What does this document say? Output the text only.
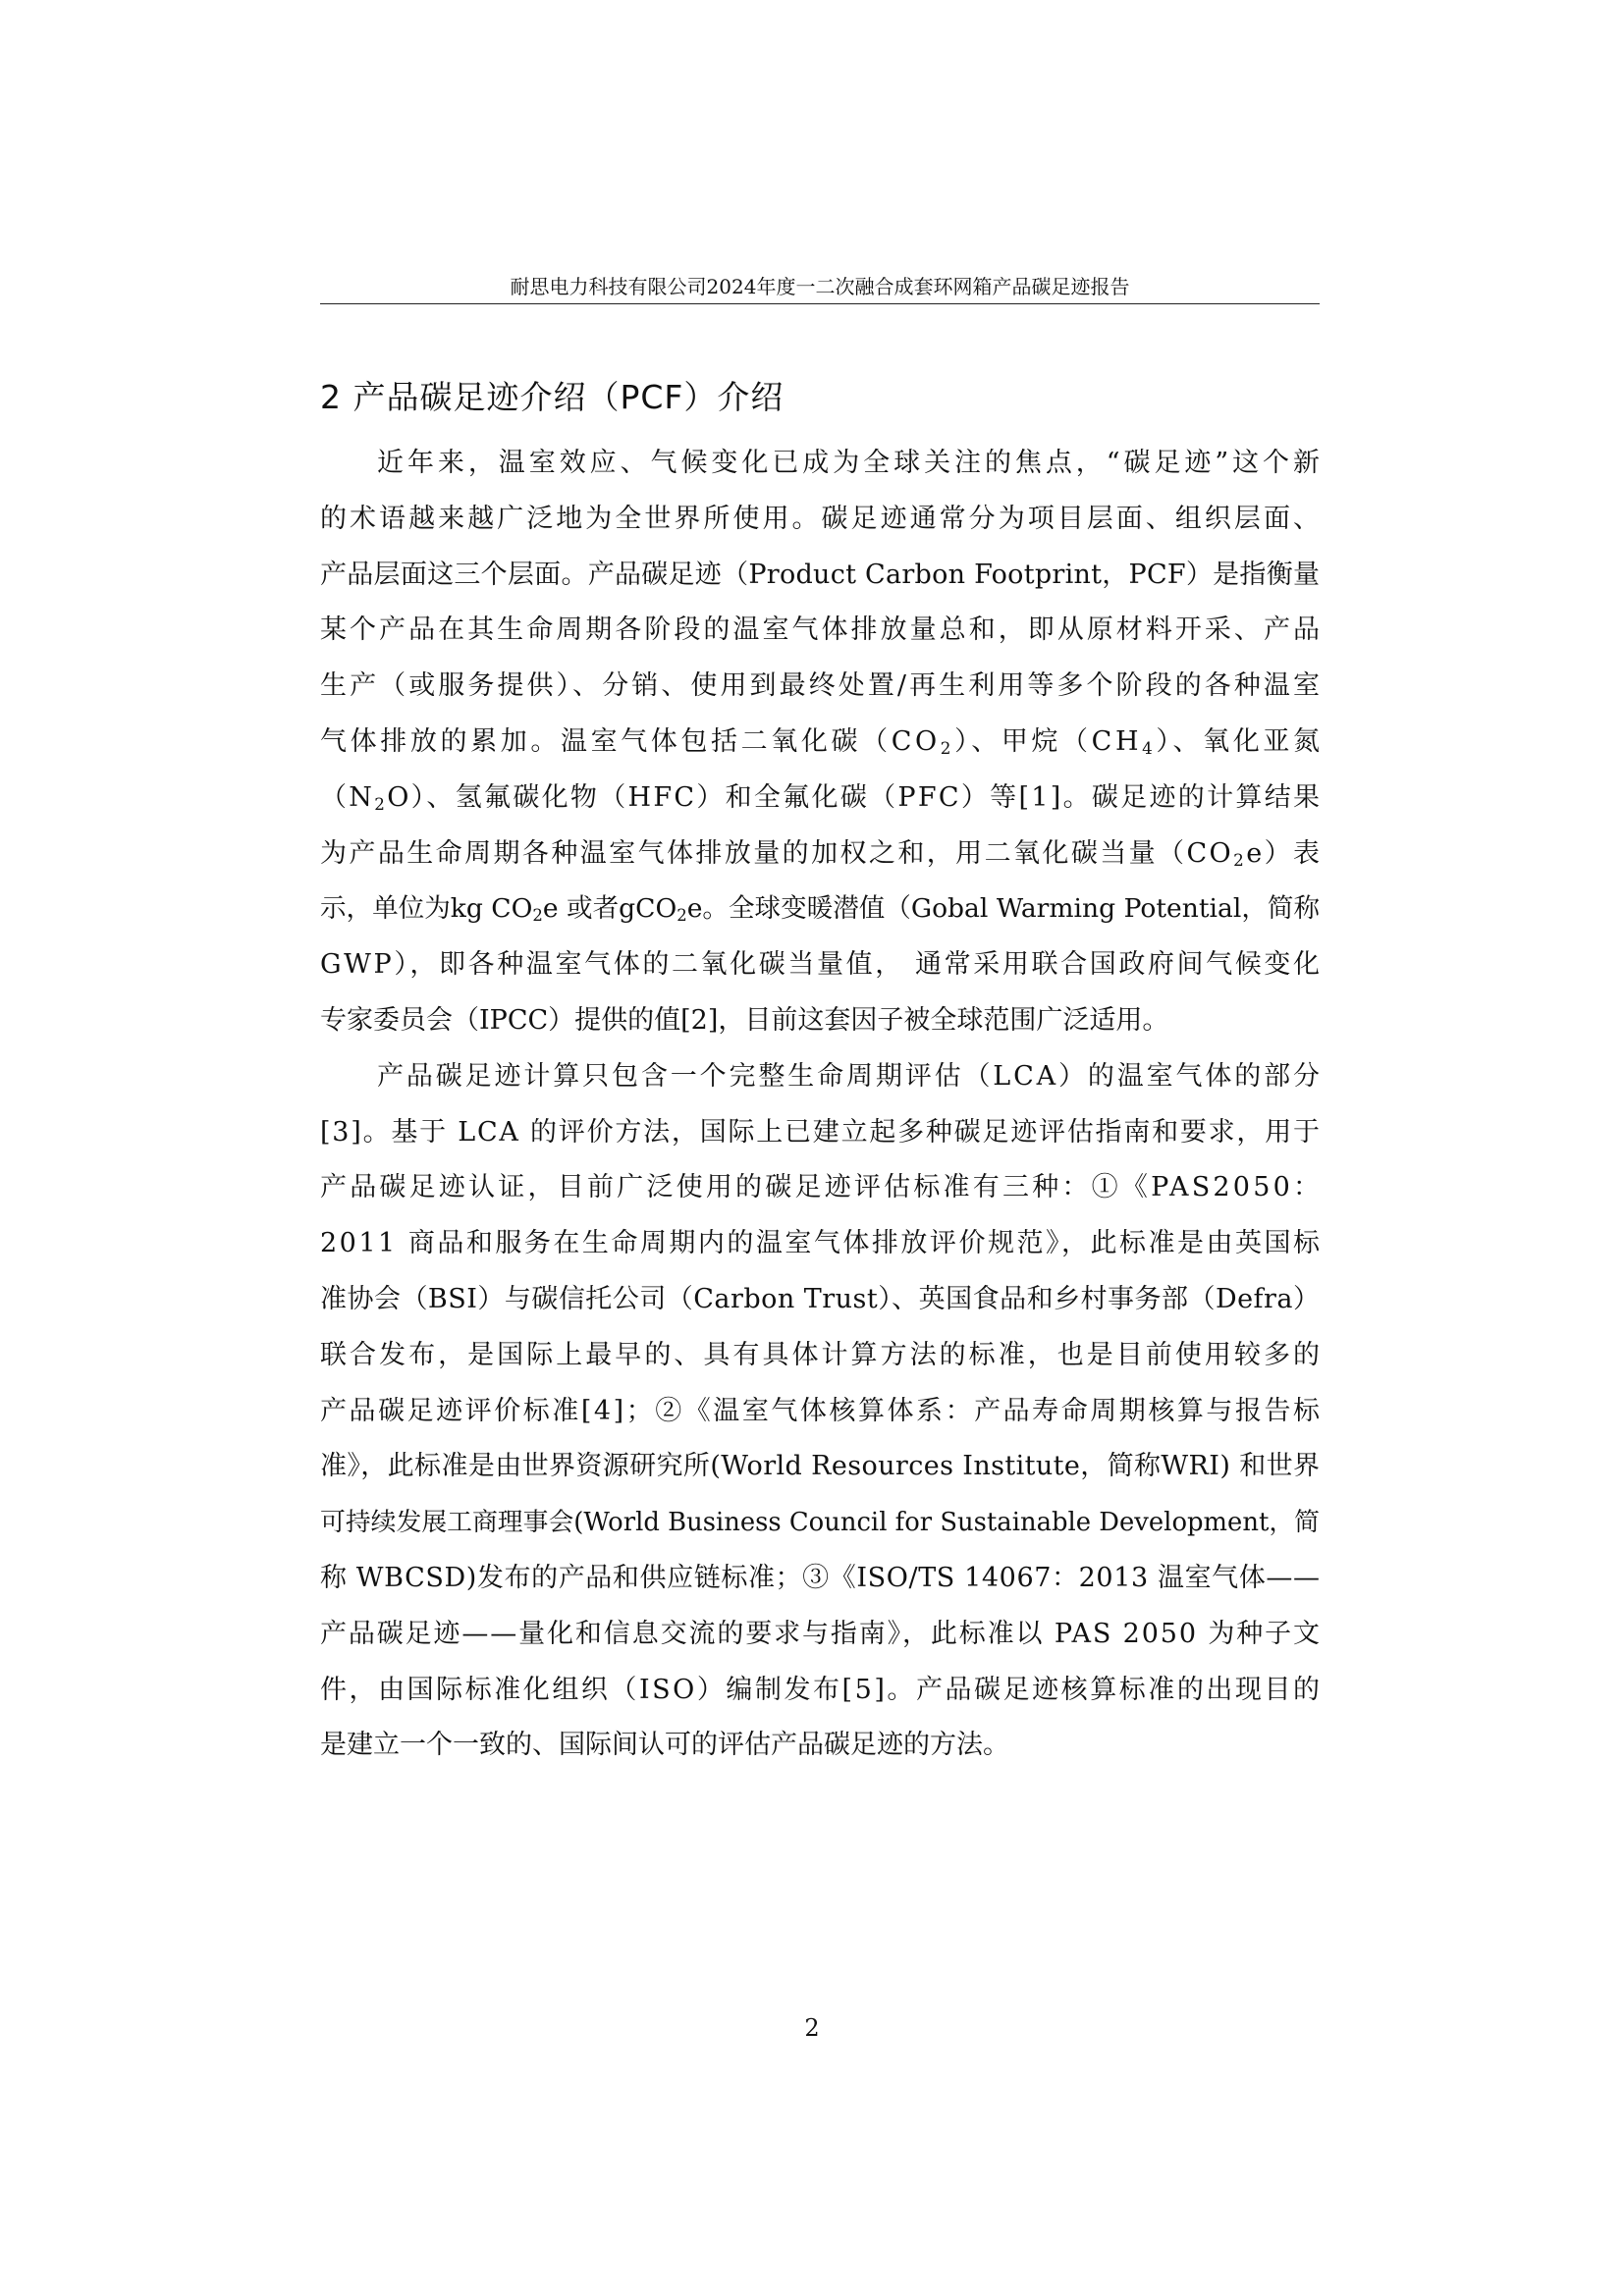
耐思电力科技有限公司2024年度一二次融合成套环网箱产品碳足迹报告
2 产品碳足迹介绍（PCF）介绍
近年来，温室效应、气候变化已成为全球关注的焦点，“碳足迹”这个新
的术语越来越广泛地为全世界所使用。碳足迹通常分为项目层面、组织层面、
产品层面这三个层面。产品碳足迹（Product Carbon Footprint，PCF）是指衡量
某个产品在其生命周期各阶段的温室气体排放量总和，即从原材料开采、产品
生产（或服务提供）、分销、使用到最终处置/再生利用等多个阶段的各种温室
气体排放的累加。温室气体包括二氧化碳$(CO_2)$、甲烷$(CH_4)$、氧化亚氮
$(N_2O)$、氢氟碳化物（HFC）和全氟化碳（PFC）等[1]。碳足迹的计算结果
为产品生命周期各种温室气体排放量的加权之和，用二氧化碳当量$(CO_2e)$表
示，单位为kg $CO_2e$ 或者gCO$_2$e。全球变暖潜值（Gobal Warming Potential，简称
GWP），即各种温室气体的二氧化碳当量值， 通常采用联合国政府间气候变化
专家委员会（IPCC）提供的值[2]，目前这套因子被全球范围广泛适用。
产品碳足迹计算只包含一个完整生命周期评估（LCA）的温室气体的部分
[3]。基于 LCA 的评价方法，国际上已建立起多种碳足迹评估指南和要求，用于
产品碳足迹认证，目前广泛使用的碳足迹评估标准有三种：①《PAS2050：
2011 商品和服务在生命周期内的温室气体排放评价规范》，此标准是由英国标
准协会（BSI）与碳信托公司（Carbon Trust）、英国食品和乡村事务部（Defra）
联合发布，是国际上最早的、具有具体计算方法的标准，也是目前使用较多的
产品碳足迹评价标准[4]；②《温室气体核算体系：产品寿命周期核算与报告标
准》，此标准是由世界资源研究所(World Resources Institute，简称WRI) 和世界
可持续发展工商理事会(World Business Council for Sustainable Development，简
称 WBCSD)发布的产品和供应链标准；③《ISO/TS 14067：2013 温室气体——
产品碳足迹——量化和信息交流的要求与指南》，此标准以 PAS 2050 为种子文
件，由国际标准化组织（ISO）编制发布[5]。产品碳足迹核算标准的出现目的
是建立一个一致的、国际间认可的评估产品碳足迹的方法。
2
